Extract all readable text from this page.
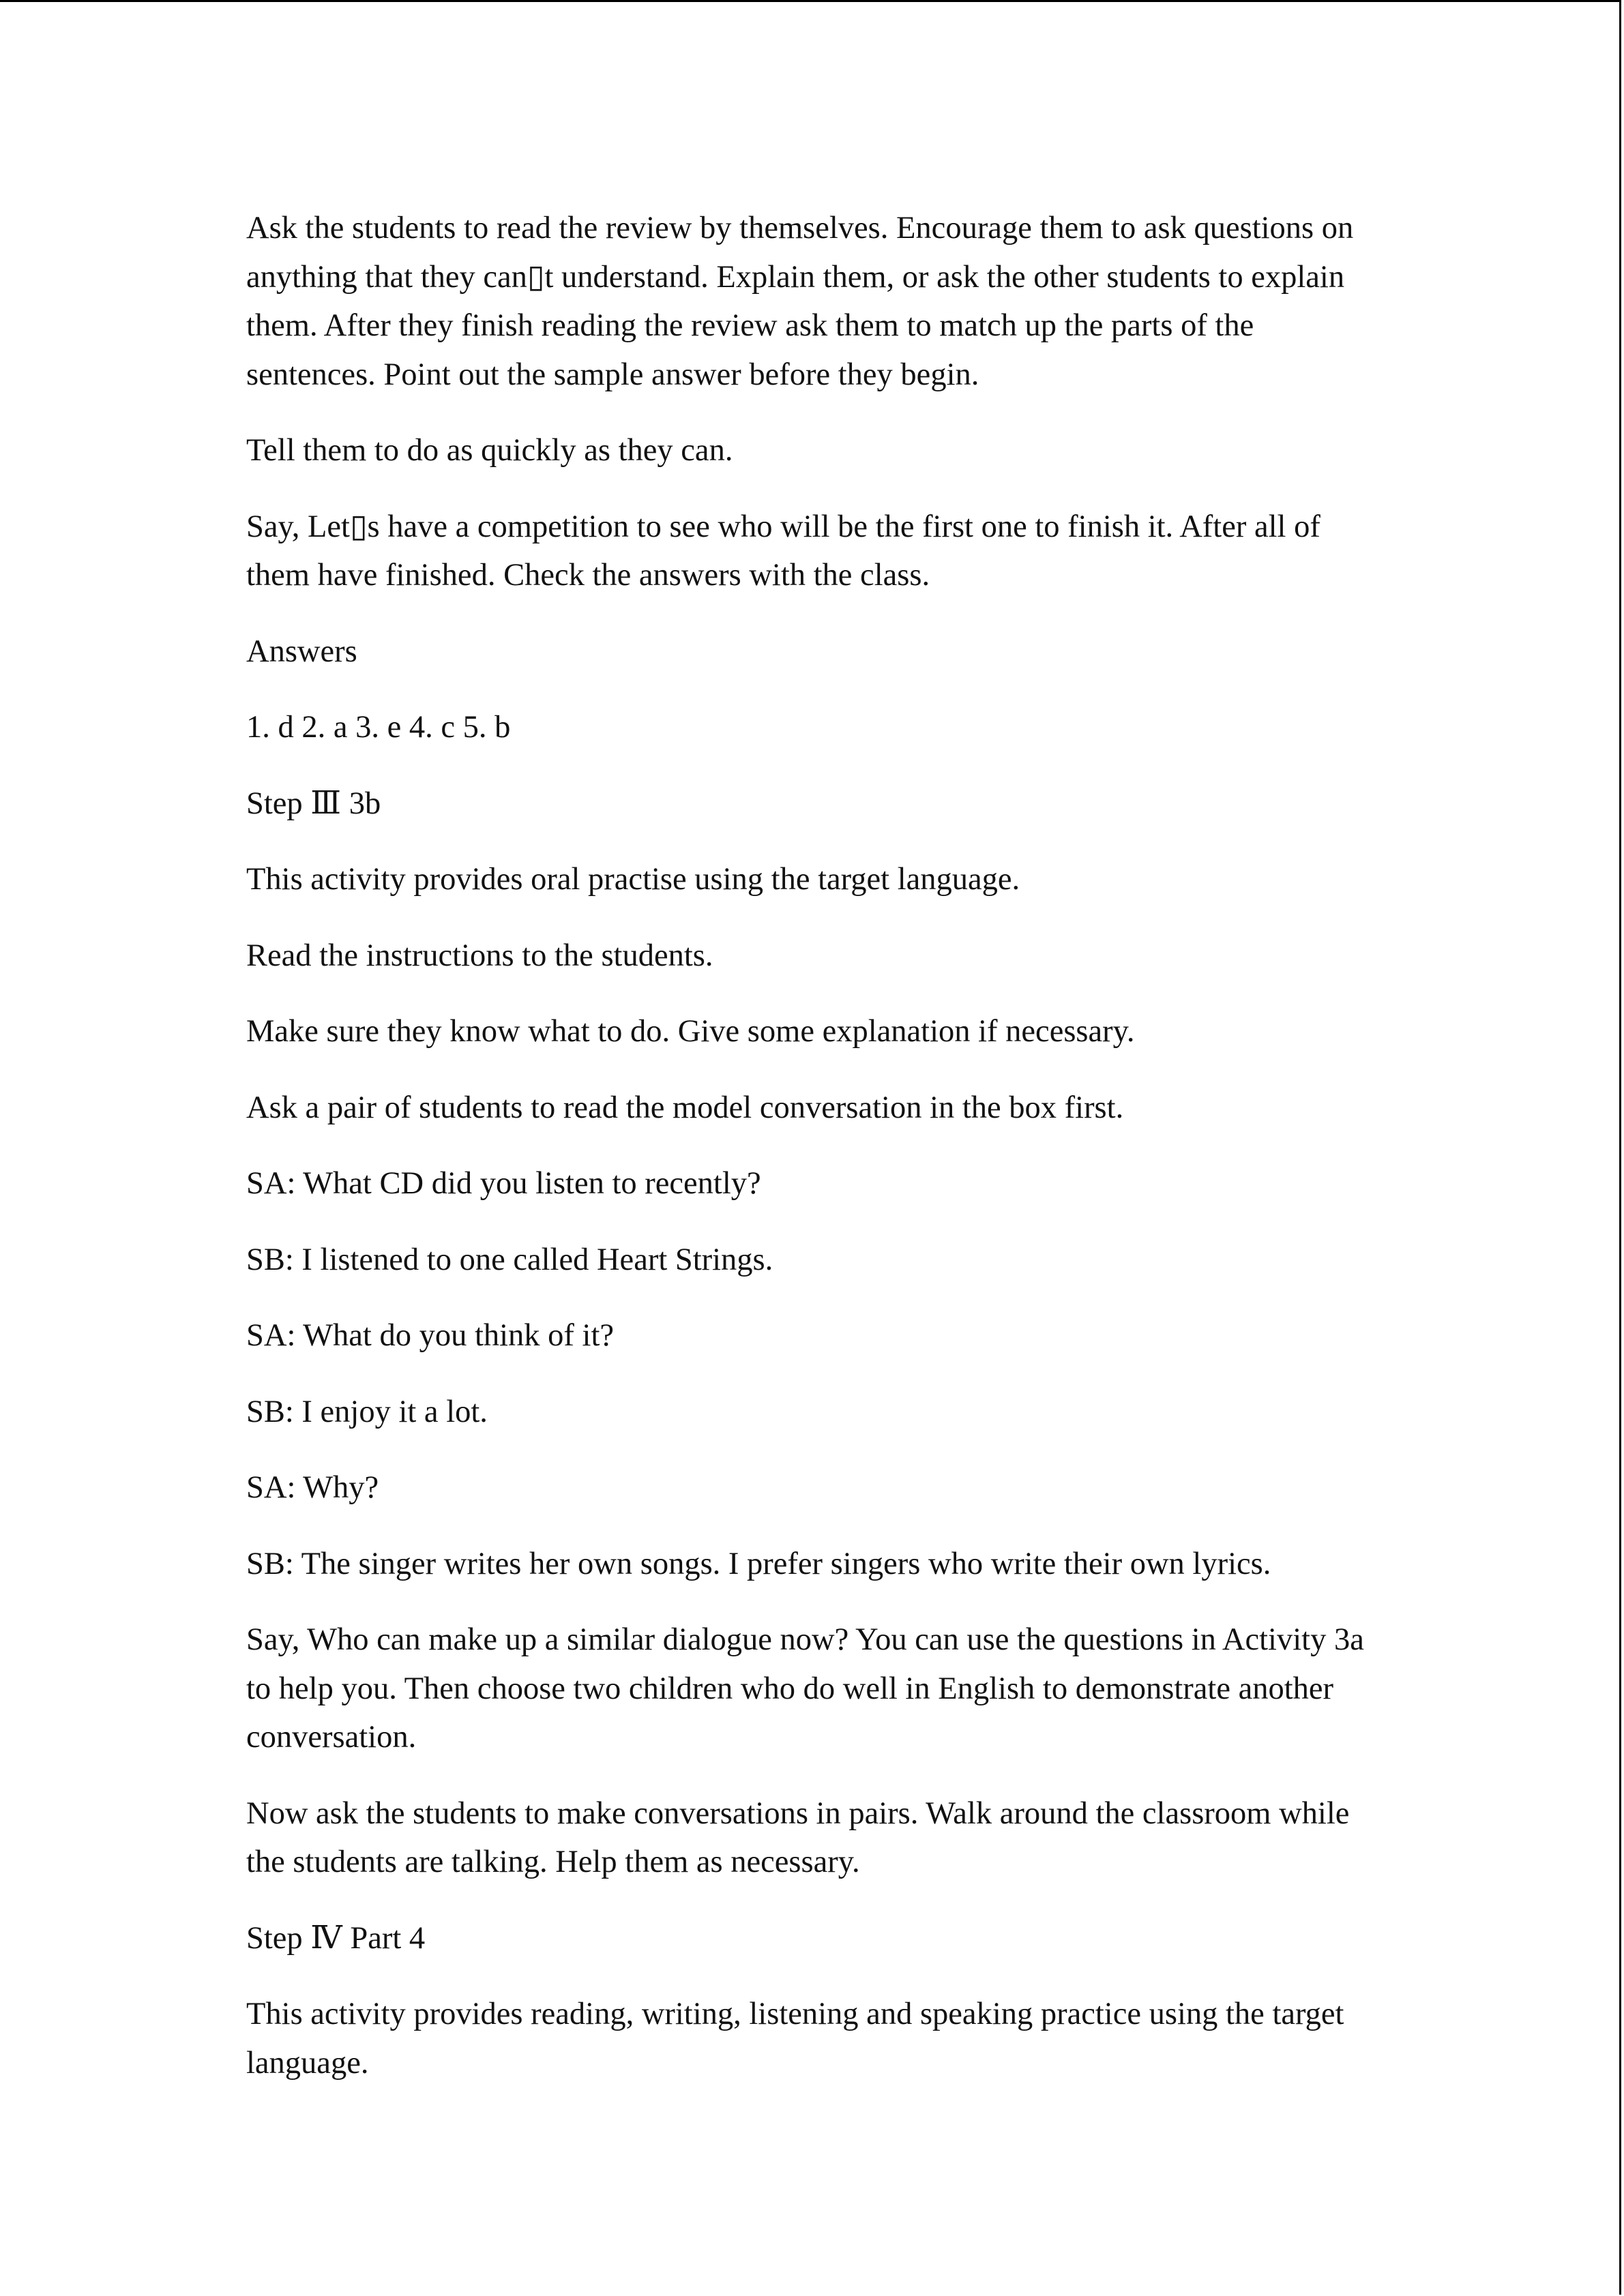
Ask the students to read the review by themselves. Encourage them to ask questions on anything that they can▯t understand. Explain them, or ask the other students to explain them. After they finish reading the review ask them to match up the parts of the sentences. Point out the sample answer before they begin.

Tell them to do as quickly as they can.

Say, Let▯s have a competition to see who will be the first one to finish it. After all of them have finished. Check the answers with the class.

Answers

1. d 2. a 3. e 4. c 5. b

Step Ⅲ 3b

This activity provides oral practise using the target language.

Read the instructions to the students.

Make sure they know what to do. Give some explanation if necessary.

Ask a pair of students to read the model conversation in the box first.

SA: What CD did you listen to recently?

SB: I listened to one called Heart Strings.

SA: What do you think of it?

SB: I enjoy it a lot.

SA: Why?

SB: The singer writes her own songs. I prefer singers who write their own lyrics.

Say, Who can make up a similar dialogue now? You can use the questions in Activity 3a to help you. Then choose two children who do well in English to demonstrate another conversation.

Now ask the students to make conversations in pairs. Walk around the classroom while the students are talking. Help them as necessary.

Step Ⅳ Part 4

This activity provides reading, writing, listening and speaking practice using the target language.
